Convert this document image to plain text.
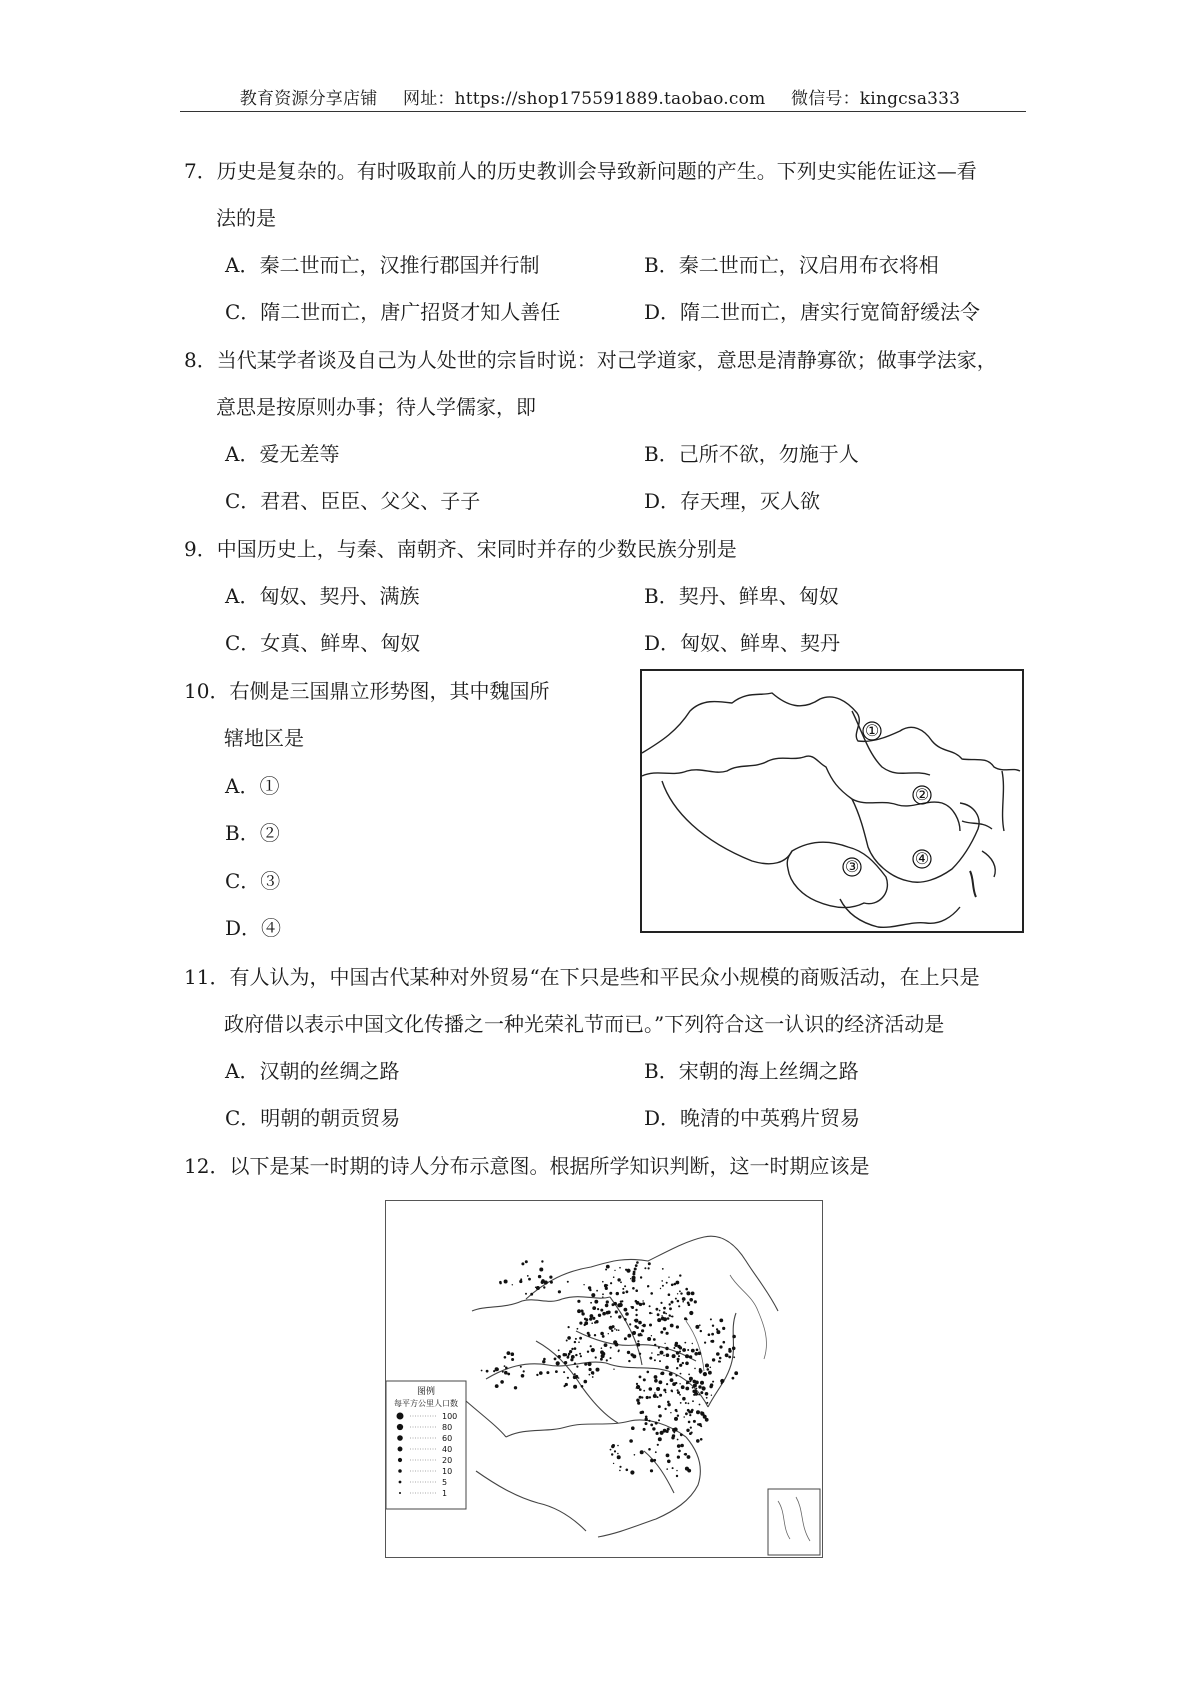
教育资源分享店铺 网址：https://shop175591889.taobao.com 微信号：kingcsa333
7．历史是复杂的。有时吸取前人的历史教训会导致新问题的产生。下列史实能佐证这—看
法的是
A．秦二世而亡，汉推行郡国并行制	B．秦二世而亡，汉启用布衣将相
C．隋二世而亡，唐广招贤才知人善任	D．隋二世而亡，唐实行宽简舒缓法令
8．当代某学者谈及自己为人处世的宗旨时说：对己学道家，意思是清静寡欲；做事学法家，
意思是按原则办事；待人学儒家，即
A．爱无差等	B．己所不欲，勿施于人
C．君君、臣臣、父父、子子	D．存天理，灭人欲
9．中国历史上，与秦、南朝齐、宋同时并存的少数民族分别是
A．匈奴、契丹、满族	B．契丹、鲜卑、匈奴
C．女真、鲜卑、匈奴	D．匈奴、鲜卑、契丹
10．右侧是三国鼎立形势图，其中魏国所
辖地区是
A．①
B．②
C．③
D．④
①
②
③	④
11．有人认为，中国古代某种对外贸易“在下只是些和平民众小规模的商贩活动，在上只是
政府借以表示中国文化传播之一种光荣礼节而已。”下列符合这一认识的经济活动是
A．汉朝的丝绸之路	B．宋朝的海上丝绸之路
C．明朝的朝贡贸易	D．晚清的中英鸦片贸易
12．以下是某一时期的诗人分布示意图。根据所学知识判断，这一时期应该是
图例
每平方公里人口数
100
80
60
40
20
10
5
1
